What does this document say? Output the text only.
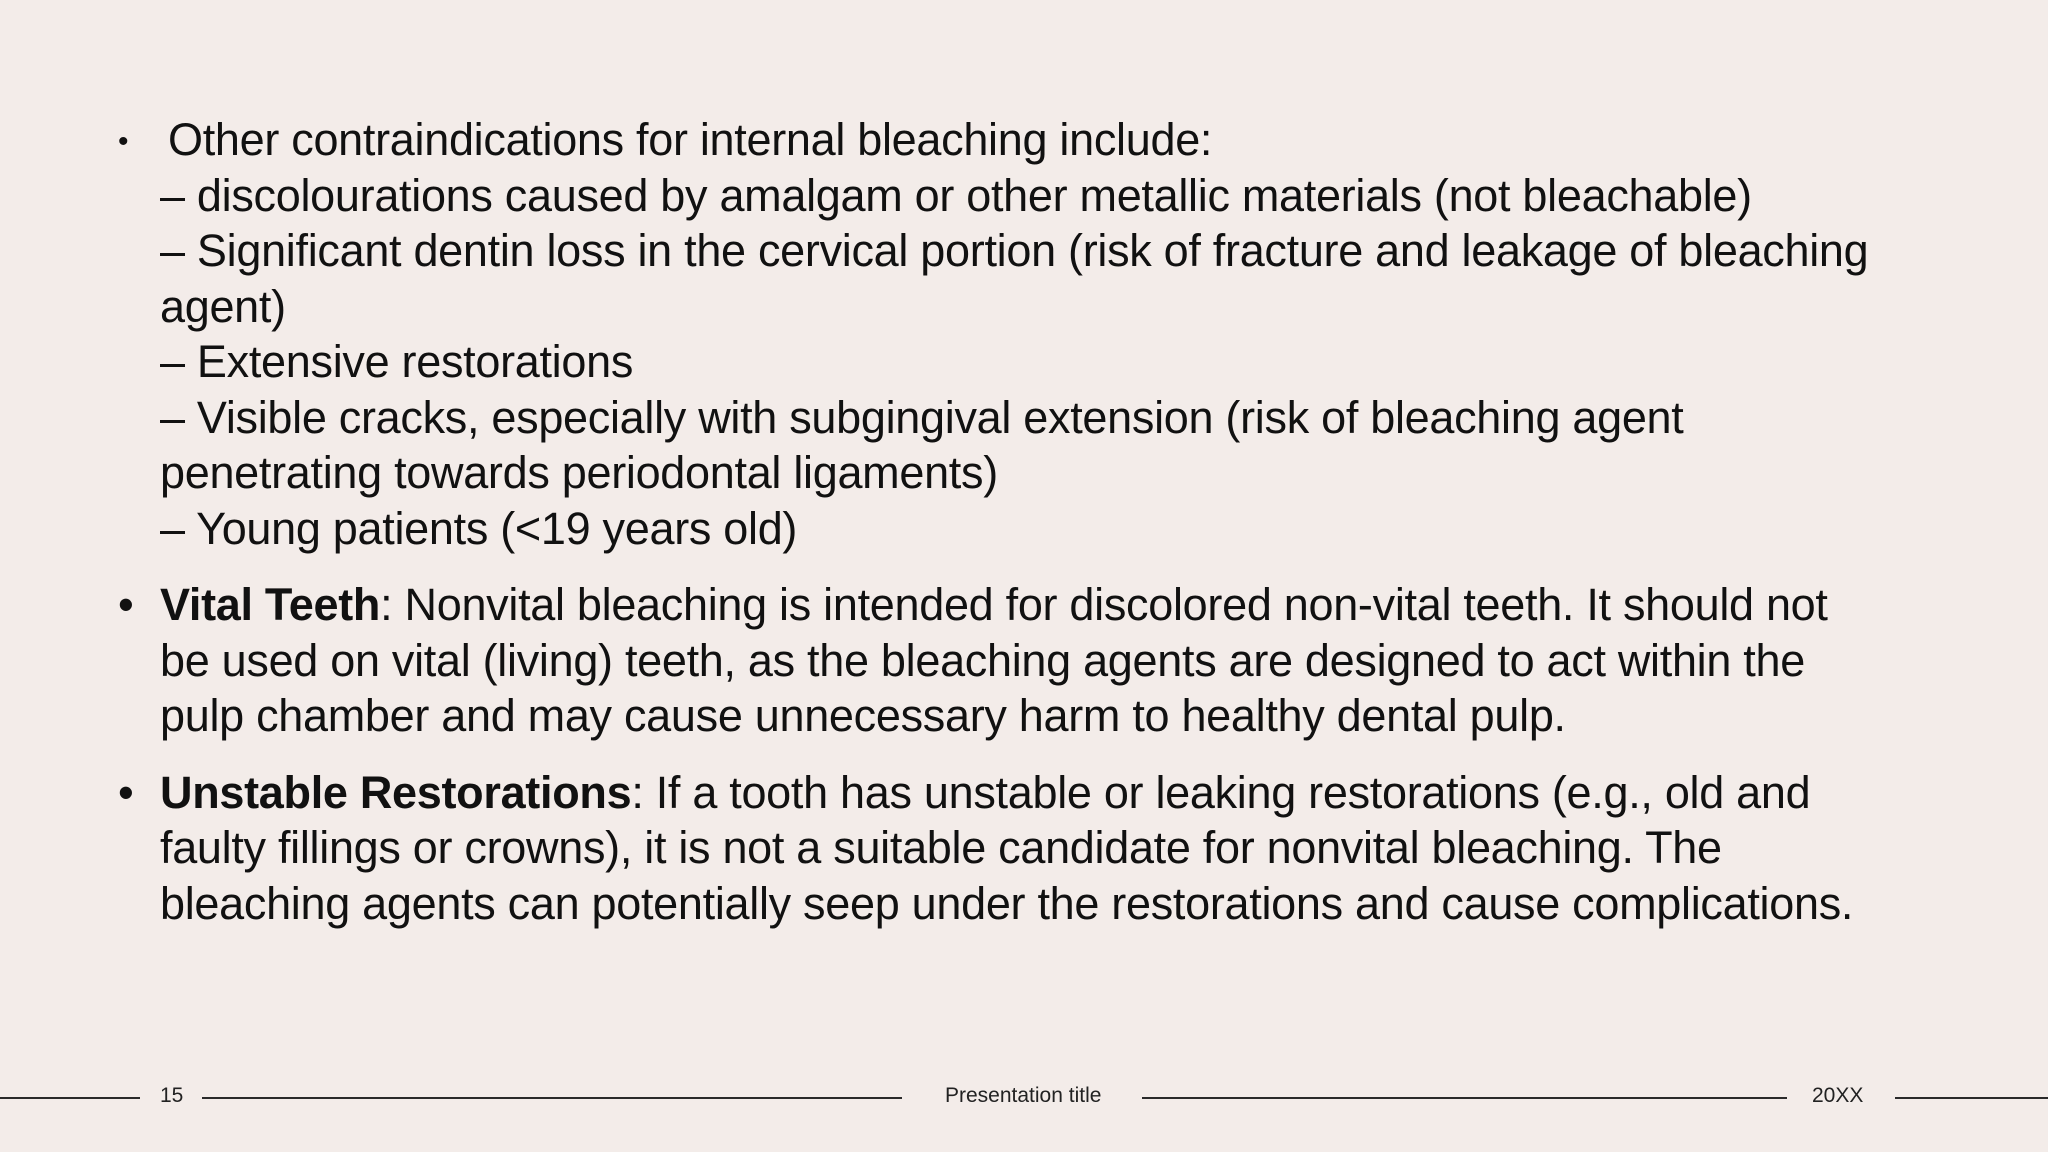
• Other contraindications for internal bleaching include:
– discolourations caused by amalgam or other metallic materials (not bleachable)
– Significant dentin loss in the cervical portion (risk of fracture and leakage of bleaching
agent)
– Extensive restorations
– Visible cracks, especially with subgingival extension (risk of bleaching agent
penetrating towards periodontal ligaments)
– Young patients (<19 years old)
• Vital Teeth: Nonvital bleaching is intended for discolored non-vital teeth. It should not
be used on vital (living) teeth, as the bleaching agents are designed to act within the
pulp chamber and may cause unnecessary harm to healthy dental pulp.
• Unstable Restorations: If a tooth has unstable or leaking restorations (e.g., old and
faulty fillings or crowns), it is not a suitable candidate for nonvital bleaching. The
bleaching agents can potentially seep under the restorations and cause complications.
15	Presentation title	20XX
